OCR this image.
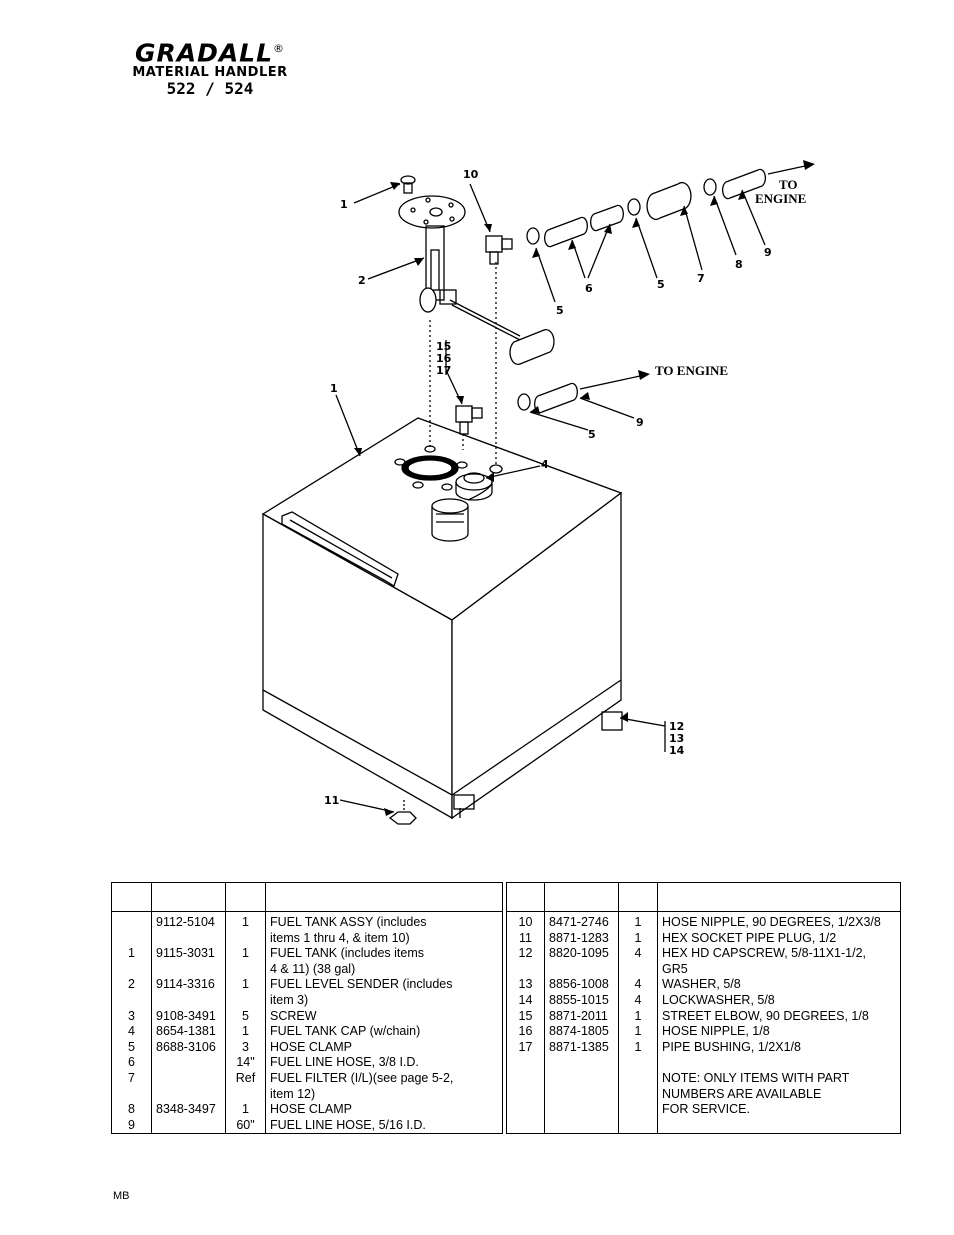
GRADALL®
MATERIAL HANDLER
522 / 524
1
10
2
1
15
16
17
4
5
6	5	7
8
9
5
9
11
12
13
14
TO
ENGINE
TO ENGINE

	9112-5104	1	FUEL TANK ASSY (includes
			items 1 thru 4, & item 10)
1	9115-3031	1	FUEL TANK (includes items
			4 & 11) (38 gal)
2	9114-3316	1	FUEL LEVEL SENDER (includes
			item 3)
3	9108-3491	5	SCREW
4	8654-1381	1	FUEL TANK CAP (w/chain)
5	8688-3106	3	HOSE CLAMP
6		14"	FUEL LINE HOSE, 3/8 I.D.
7		Ref	FUEL FILTER (I/L)(see page 5-2,
			item 12)
8	8348-3497	1	HOSE CLAMP
9		60"	FUEL LINE HOSE, 5/16 I.D.

10	8471-2746	1	HOSE NIPPLE, 90 DEGREES, 1/2X3/8
11	8871-1283	1	HEX SOCKET PIPE PLUG, 1/2
12	8820-1095	4	HEX HD CAPSCREW, 5/8-11X1-1/2,
			GR5
13	8856-1008	4	WASHER, 5/8
14	8855-1015	4	LOCKWASHER, 5/8
15	8871-2011	1	STREET ELBOW, 90 DEGREES, 1/8
16	8874-1805	1	HOSE NIPPLE, 1/8
17	8871-1385	1	PIPE BUSHING, 1/2X1/8

			NOTE: ONLY ITEMS WITH PART
			NUMBERS ARE AVAILABLE
			FOR SERVICE.

MB
